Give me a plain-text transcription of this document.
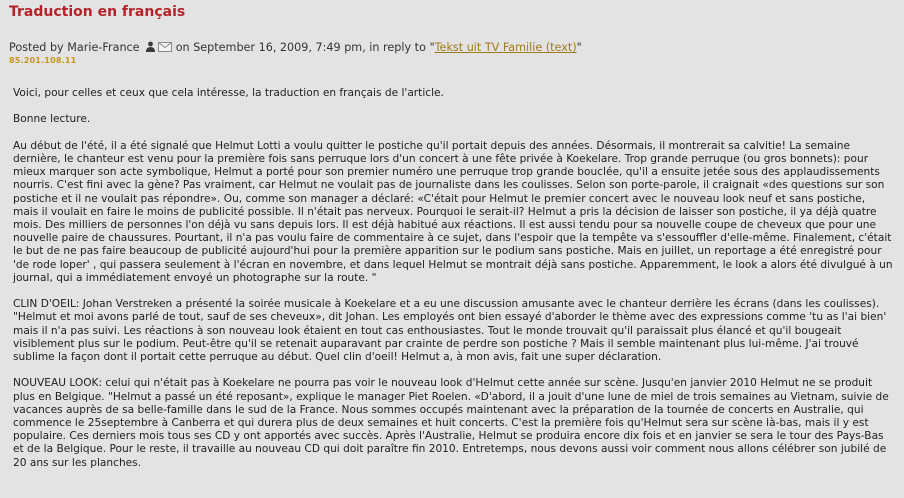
Traduction en français
Posted by Marie-France	on September 16, 2009, 7:49 pm, in reply to "Tekst uit TV Familie (text)"
85.201.108.11

Voici, pour celles et ceux que cela intéresse, la traduction en français de l'article.

Bonne lecture.

Au début de l'été, il a été signalé que Helmut Lotti a voulu quitter le postiche qu'il portait depuis des années. Désormais, il montrerait sa calvitie! La semaine dernière, le chanteur est venu pour la première fois sans perruque lors d'un concert à une fête privée à Koekelare. Trop grande perruque (ou gros bonnets): pour mieux marquer son acte symbolique, Helmut a porté pour son premier numéro une perruque trop grande bouclée, qu'il a ensuite jetée sous des applaudissements nourris. C'est fini avec la gène? Pas vraiment, car Helmut ne voulait pas de journaliste dans les coulisses. Selon son porte-parole, il craignait «des questions sur son postiche et il ne voulait pas répondre». Ou, comme son manager a déclaré: «C'était pour Helmut le premier concert avec le nouveau look neuf et sans postiche, mais il voulait en faire le moins de publicité possible. Il n'était pas nerveux. Pourquoi le serait-il? Helmut a pris la décision de laisser son postiche, il ya déjà quatre mois. Des milliers de personnes l'on déjà vu sans depuis lors. Il est déjà habitué aux réactions. Il est aussi tendu pour sa nouvelle coupe de cheveux que pour une nouvelle paire de chaussures. Pourtant, il n'a pas voulu faire de commentaire à ce sujet, dans l'espoir que la tempête va s'essouffler d'elle-même. Finalement, c'était le but de ne pas faire beaucoup de publicité aujourd'hui pour la première apparition sur le podium sans postiche. Mais en juillet, un reportage a été enregistré pour 'de rode loper' , qui passera seulement à l'écran en novembre, et dans lequel Helmut se montrait déjà sans postiche. Apparemment, le look a alors été divulgué à un journal, qui a immédiatement envoyé un photographe sur la route. "

CLIN D'OEIL: Johan Verstreken a présenté la soirée musicale à Koekelare et a eu une discussion amusante avec le chanteur derrière les écrans (dans les coulisses). "Helmut et moi avons parlé de tout, sauf de ses cheveux», dit Johan. Les employés ont bien essayé d'aborder le thème avec des expressions comme 'tu as l'ai bien' mais il n'a pas suivi. Les réactions à son nouveau look étaient en tout cas enthousiastes. Tout le monde trouvait qu'il paraissait plus élancé et qu'il bougeait visiblement plus sur le podium. Peut-être qu'il se retenait auparavant par crainte de perdre son postiche ? Mais il semble maintenant plus lui-même. J'ai trouvé sublime la façon dont il portait cette perruque au début. Quel clin d'oeil! Helmut a, à mon avis, fait une super déclaration.

NOUVEAU LOOK: celui qui n'était pas à Koekelare ne pourra pas voir le nouveau look d'Helmut cette année sur scène. Jusqu'en janvier 2010 Helmut ne se produit plus en Belgique. "Helmut a passé un été reposant», explique le manager Piet Roelen. «D'abord, il a jouit d'une lune de miel de trois semaines au Vietnam, suivie de vacances auprès de sa belle-famille dans le sud de la France. Nous sommes occupés maintenant avec la préparation de la tournée de concerts en Australie, qui commence le 25septembre à Canberra et qui durera plus de deux semaines et huit concerts. C'est la première fois qu'Helmut sera sur scène là-bas, mais il y est populaire. Ces derniers mois tous ses CD y ont apportés avec succès. Après l'Australie, Helmut se produira encore dix fois et en janvier se sera le tour des Pays-Bas et de la Belgique. Pour le reste, il travaille au nouveau CD qui doit paraître fin 2010. Entretemps, nous devons aussi voir comment nous allons célébrer son jubilé de 20 ans sur les planches.
